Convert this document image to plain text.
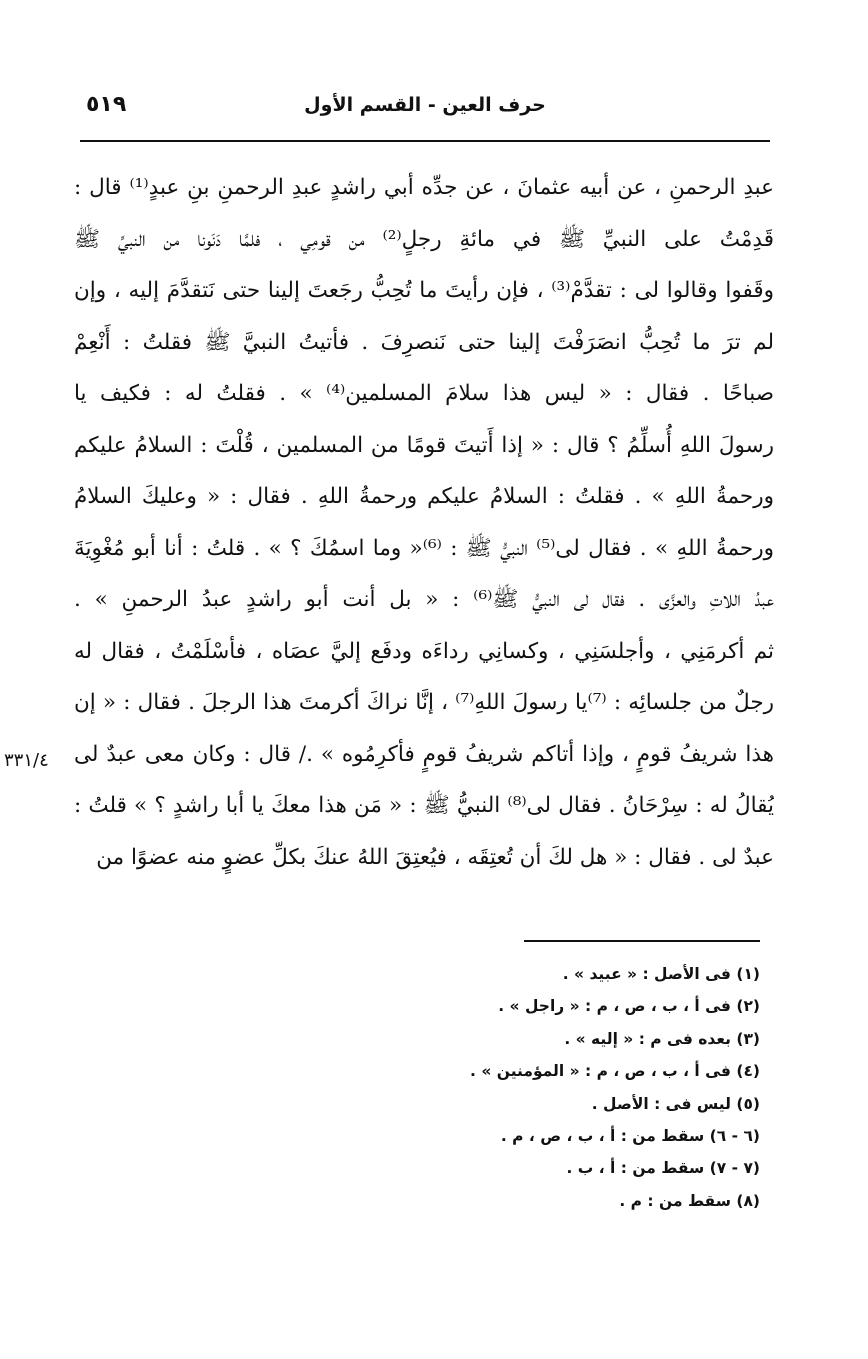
٥١٩	حرف العين - القسم الأول
عبدِ الرحمنِ ، عن أبيه عثمانَ ، عن جدِّه أبي راشدٍ عبدِ الرحمنِ بنِ عبدٍ⁽¹⁾ قال :
قَدِمْتُ على النبيِّ ﷺ في مائةِ رجلٍ⁽²⁾ من قومِي ، فلمَّا دَنَونا من النبيِّ ﷺ
وقَفوا وقالوا لى : تقدَّمْ⁽³⁾ ، فإن رأيتَ ما تُحِبُّ رجَعتَ إلينا حتى نَتقدَّمَ إليه ، وإن
لم ترَ ما تُحِبُّ انصَرَفْتَ إلينا حتى نَنصرِفَ . فأتيتُ النبيَّ ﷺ فقلتُ : أَنْعِمْ
صباحًا . فقال : « ليس هذا سلامَ المسلمين⁽⁴⁾ » . فقلتُ له : فكيف يا
رسولَ اللهِ أُسلِّمُ ؟ قال : « إذا أَتيتَ قومًا من المسلمين ، قُلْتَ : السلامُ عليكم
ورحمةُ اللهِ » . فقلتُ : السلامُ عليكم ورحمةُ اللهِ . فقال : « وعليكَ السلامُ
ورحمةُ اللهِ » . فقال لى⁽⁵⁾ النبيُّ ﷺ : ⁽⁶⁾« وما اسمُكَ ؟ » . قلتُ : أنا أبو مُغْوِيَةَ
عبدُ اللاتِ والعزَّى . فقال لى النبيُّ ﷺ⁽⁶⁾ : « بل أنت أبو راشدٍ عبدُ الرحمنِ » .
ثم أكرمَنِي ، وأجلسَنِي ، وكسانِي رداءَه ودفَع إليَّ عصَاه ، فأسْلَمْتُ ، فقال له
رجلٌ من جلسائِه : ⁽⁷⁾يا رسولَ اللهِ⁽⁷⁾ ، إنَّا نراكَ أكرمتَ هذا الرجلَ . فقال : « إن
هذا شريفُ قومٍ ، وإذا أتاكم شريفُ قومٍ فأكرِمُوه » ./ قال : وكان معى عبدٌ لى
يُقالُ له : سِرْحَانُ . فقال لى⁽⁸⁾ النبيُّ ﷺ : « مَن هذا معكَ يا أبا راشدٍ ؟ » قلتُ :
عبدٌ لى . فقال : « هل لكَ أن تُعتِقَه ، فيُعتِقَ اللهُ عنكَ بكلِّ عضوٍ منه عضوًا من
٣٣١/٤
(١) فى الأصل : « عبيد » .
(٢) فى أ ، ب ، ص ، م : « راجل » .
(٣) بعده فى م : « إليه » .
(٤) فى أ ، ب ، ص ، م : « المؤمنين » .
(٥) ليس فى : الأصل .
(٦ - ٦) سقط من : أ ، ب ، ص ، م .
(٧ - ٧) سقط من : أ ، ب .
(٨) سقط من : م .
